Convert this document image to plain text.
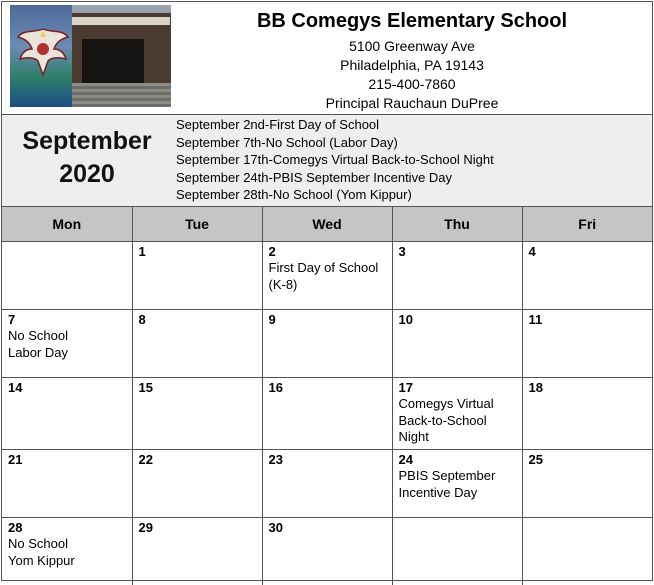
BB Comegys Elementary School
5100 Greenway Ave
Philadelphia, PA 19143
215-400-7860
Principal Rauchaun DuPree
September
2020
September 2nd-First Day of School
September 7th-No School (Labor Day)
September 17th-Comegys Virtual Back-to-School Night
September 24th-PBIS September Incentive Day
September 28th-No School (Yom Kippur)
Mon	Tue	Wed	Thu	Fri

	1	2
First Day of School
(K-8)	3	4

7
No School
Labor Day	8	9	10	11

14	15	16	17
Comegys Virtual
Back-to-School
Night	18

21	22	23	24
PBIS September
Incentive Day	25

28
No School
Yom Kippur	29	30		
